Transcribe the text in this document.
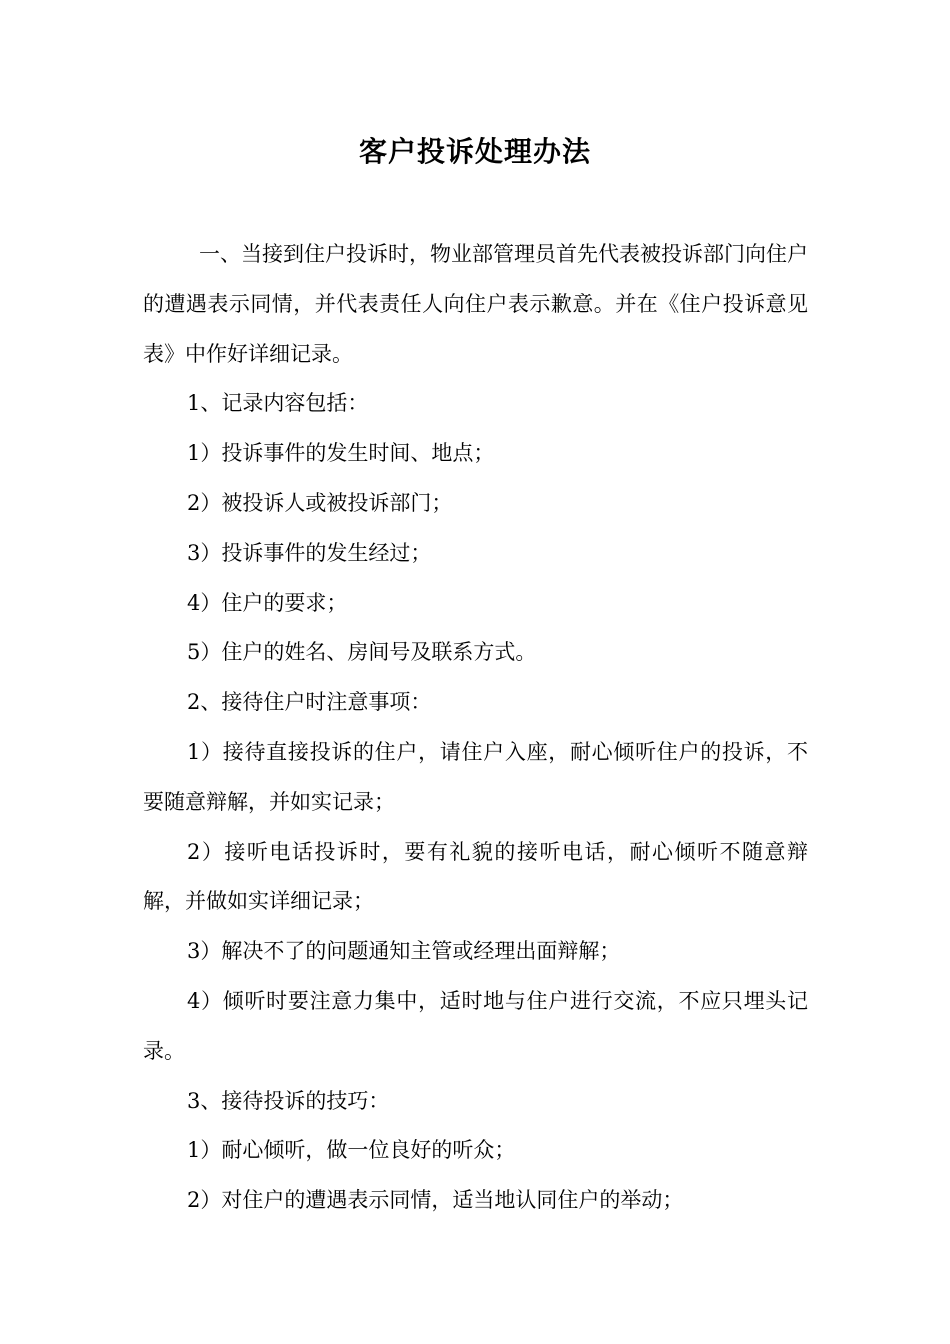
客户投诉处理办法

一、当接到住户投诉时，物业部管理员首先代表被投诉部门向住户的遭遇表示同情，并代表责任人向住户表示歉意。并在《住户投诉意见表》中作好详细记录。

1、记录内容包括：

1）投诉事件的发生时间、地点；

2）被投诉人或被投诉部门；

3）投诉事件的发生经过；

4）住户的要求；

5）住户的姓名、房间号及联系方式。

2、接待住户时注意事项：

1）接待直接投诉的住户，请住户入座，耐心倾听住户的投诉，不要随意辩解，并如实记录；

2）接听电话投诉时，要有礼貌的接听电话，耐心倾听不随意辩解，并做如实详细记录；

3）解决不了的问题通知主管或经理出面辩解；

4）倾听时要注意力集中，适时地与住户进行交流，不应只埋头记录。

3、接待投诉的技巧：

1）耐心倾听，做一位良好的听众；

2）对住户的遭遇表示同情，适当地认同住户的举动；
